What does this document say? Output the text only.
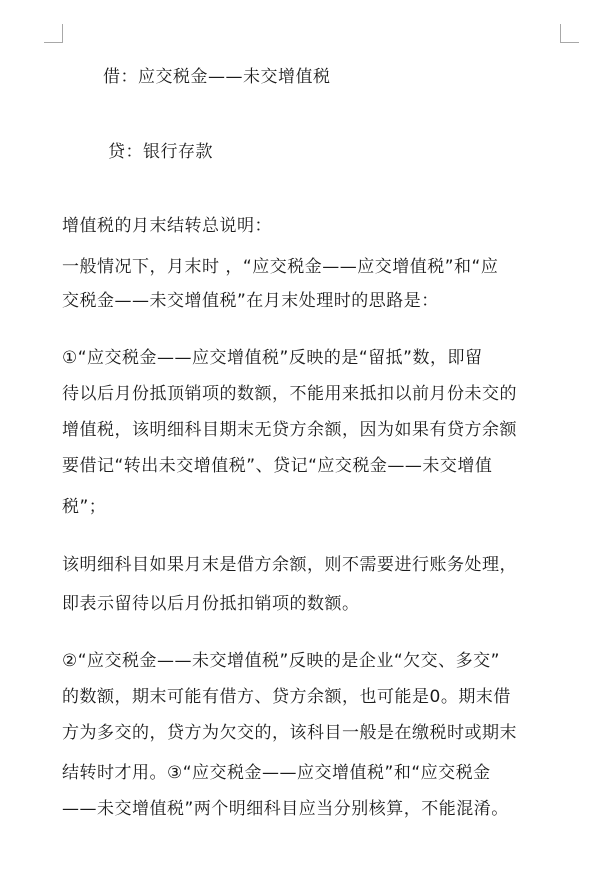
借：应交税金——未交增值税
贷：银行存款
增值税的月末结转总说明：
一般情况下，月末时 ，“应交税金——应交增值税”和“应
交税金——未交增值税”在月末处理时的思路是：
①“应交税金——应交增值税”反映的是“留抵”数，即留
待以后月份抵顶销项的数额，不能用来抵扣以前月份未交的
增值税，该明细科目期末无贷方余额，因为如果有贷方余额
要借记“转出未交增值税”、贷记“应交税金——未交增值
税”；
该明细科目如果月末是借方余额，则不需要进行账务处理，
即表示留待以后月份抵扣销项的数额。
②“应交税金——未交增值税”反映的是企业“欠交、多交”
的数额，期末可能有借方、贷方余额，也可能是0。期末借
方为多交的，贷方为欠交的，该科目一般是在缴税时或期末
结转时才用。③“应交税金——应交增值税”和“应交税金
——未交增值税”两个明细科目应当分别核算，不能混淆。
